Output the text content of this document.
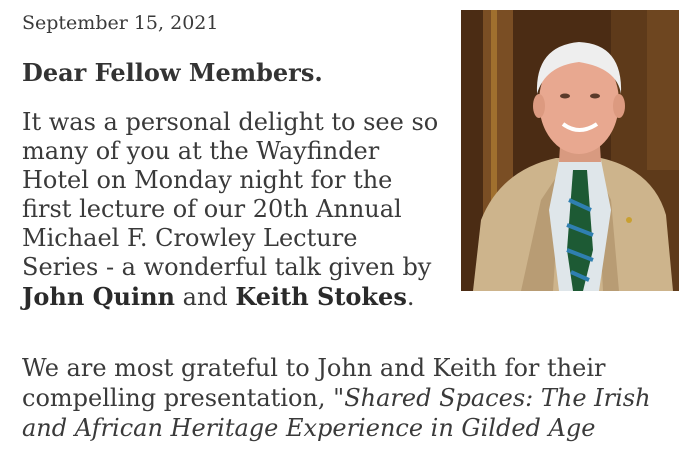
September 15, 2021
Dear Fellow Members.
It was a personal delight to see so
many of you at the Wayfinder
Hotel on Monday night for the
first lecture of our 20th Annual
Michael F. Crowley Lecture
Series - a wonderful talk given by
John Quinn and Keith Stokes.
We are most grateful to John and Keith for their
compelling presentation, "Shared Spaces: The Irish
and African Heritage Experience in Gilded Age
